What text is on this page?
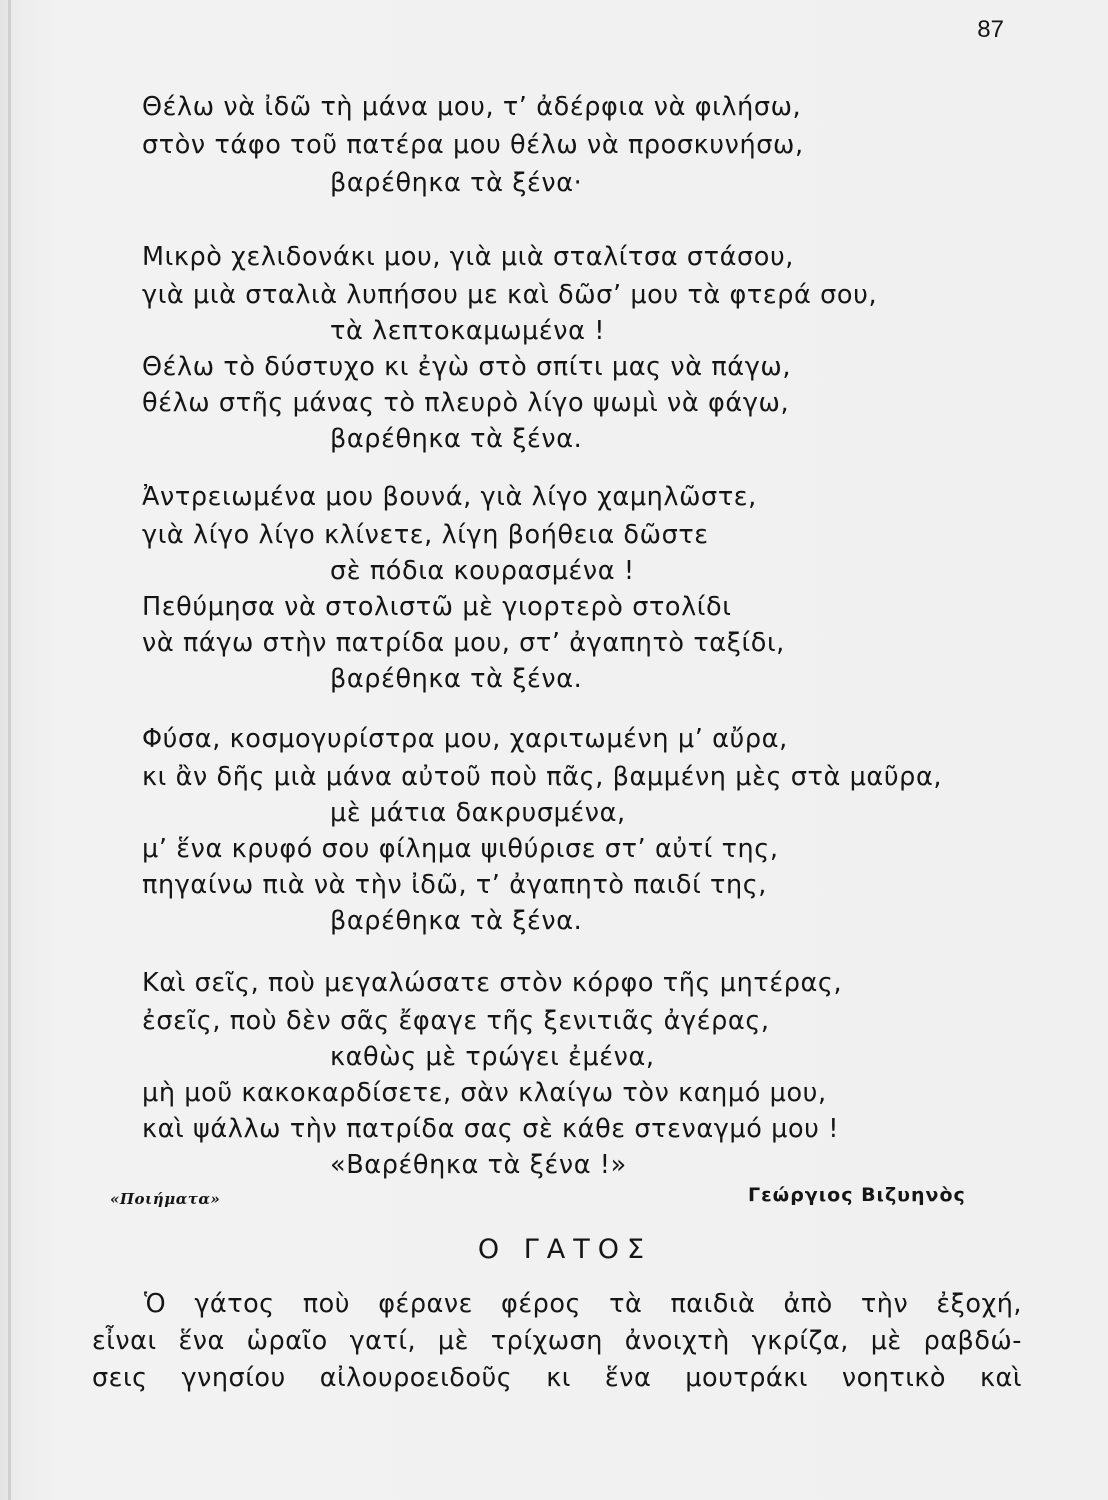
87
Θέλω νὰ ἰδῶ τὴ μάνα μου, τ’ ἀδέρφια νὰ φιλήσω,
στὸν τάφο τοῦ πατέρα μου θέλω νὰ προσκυνήσω,
βαρέθηκα τὰ ξένα·
Μικρὸ χελιδονάκι μου, γιὰ μιὰ σταλίτσα στάσου,
γιὰ μιὰ σταλιὰ λυπήσου με καὶ δῶσ’ μου τὰ φτερά σου,
τὰ λεπτοκαμωμένα !
Θέλω τὸ δύστυχο κι ἐγὼ στὸ σπίτι μας νὰ πάγω,
θέλω στῆς μάνας τὸ πλευρὸ λίγο ψωμὶ νὰ φάγω,
βαρέθηκα τὰ ξένα.
Ἀντρειωμένα μου βουνά, γιὰ λίγο χαμηλῶστε,
γιὰ λίγο λίγο κλίνετε, λίγη βοήθεια δῶστε
σὲ πόδια κουρασμένα !
Πεθύμησα νὰ στολιστῶ μὲ γιορτερὸ στολίδι
νὰ πάγω στὴν πατρίδα μου, στ’ ἀγαπητὸ ταξίδι,
βαρέθηκα τὰ ξένα.
Φύσα, κοσμογυρίστρα μου, χαριτωμένη μ’ αὔρα,
κι ἂν δῆς μιὰ μάνα αὐτοῦ ποὺ πᾶς, βαμμένη μὲς στὰ μαῦρα,
μὲ μάτια δακρυσμένα,
μ’ ἕνα κρυφό σου φίλημα ψιθύρισε στ’ αὐτί της,
πηγαίνω πιὰ νὰ τὴν ἰδῶ, τ’ ἀγαπητὸ παιδί της,
βαρέθηκα τὰ ξένα.
Καὶ σεῖς, ποὺ μεγαλώσατε στὸν κόρφο τῆς μητέρας,
ἐσεῖς, ποὺ δὲν σᾶς ἔφαγε τῆς ξενιτιᾶς ἀγέρας,
καθὼς μὲ τρώγει ἐμένα,
μὴ μοῦ κακοκαρδίσετε, σὰν κλαίγω τὸν καημό μου,
καὶ ψάλλω τὴν πατρίδα σας σὲ κάθε στεναγμό μου !
«Βαρέθηκα τὰ ξένα !»
«Ποιήματα»	Γεώργιος Βιζυηνὸς
Ο ΓΑΤΟΣ
Ὁ γάτος ποὺ φέρανε φέρος τὰ παιδιὰ ἀπὸ τὴν ἐξοχή,
εἶναι ἕνα ὡραῖο γατί, μὲ τρίχωση ἀνοιχτὴ γκρίζα, μὲ ραβδώ-
σεις γνησίου αἰλουροειδοῦς κι ἕνα μουτράκι νοητικὸ καὶ
